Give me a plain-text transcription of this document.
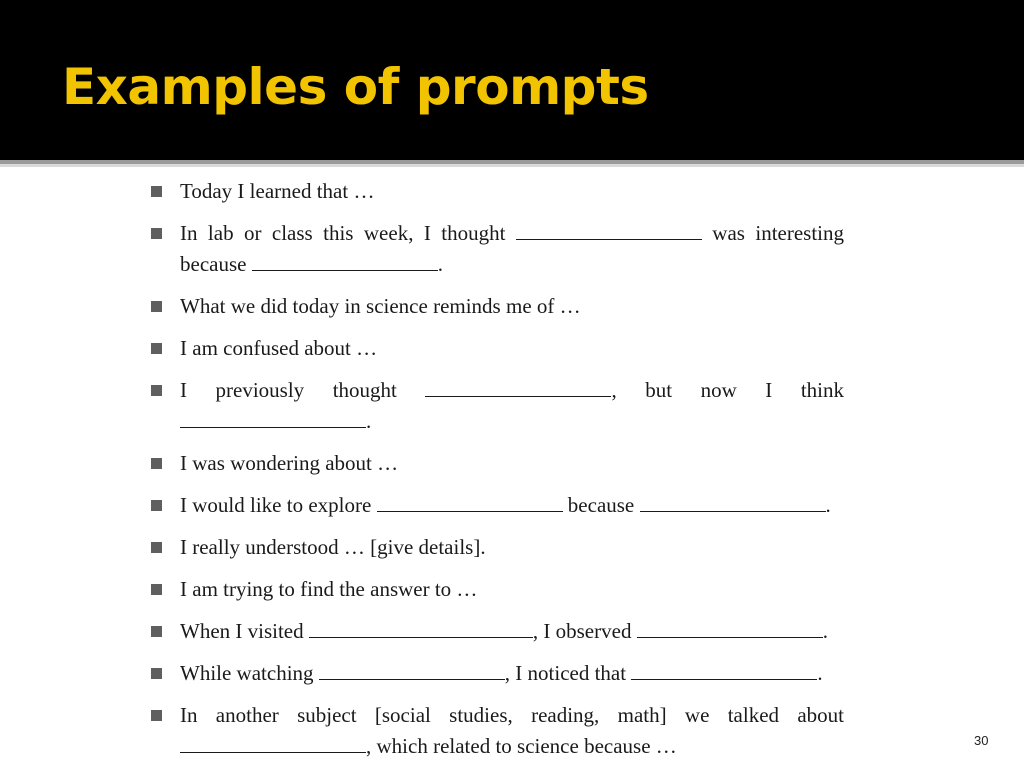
Examples of prompts
Today I learned that …
In lab or class this week, I thought	was interesting because	.
What we did today in science reminds me of …
I am confused about …
I previously thought	, but now I think .
I was wondering about …
I would like to explore	because	.
I really understood … [give details].
I am trying to find the answer to …
When I visited	, I observed	.
While watching	, I noticed that	.
In another subject [social studies, reading, math] we talked about , which related to science because …	30
